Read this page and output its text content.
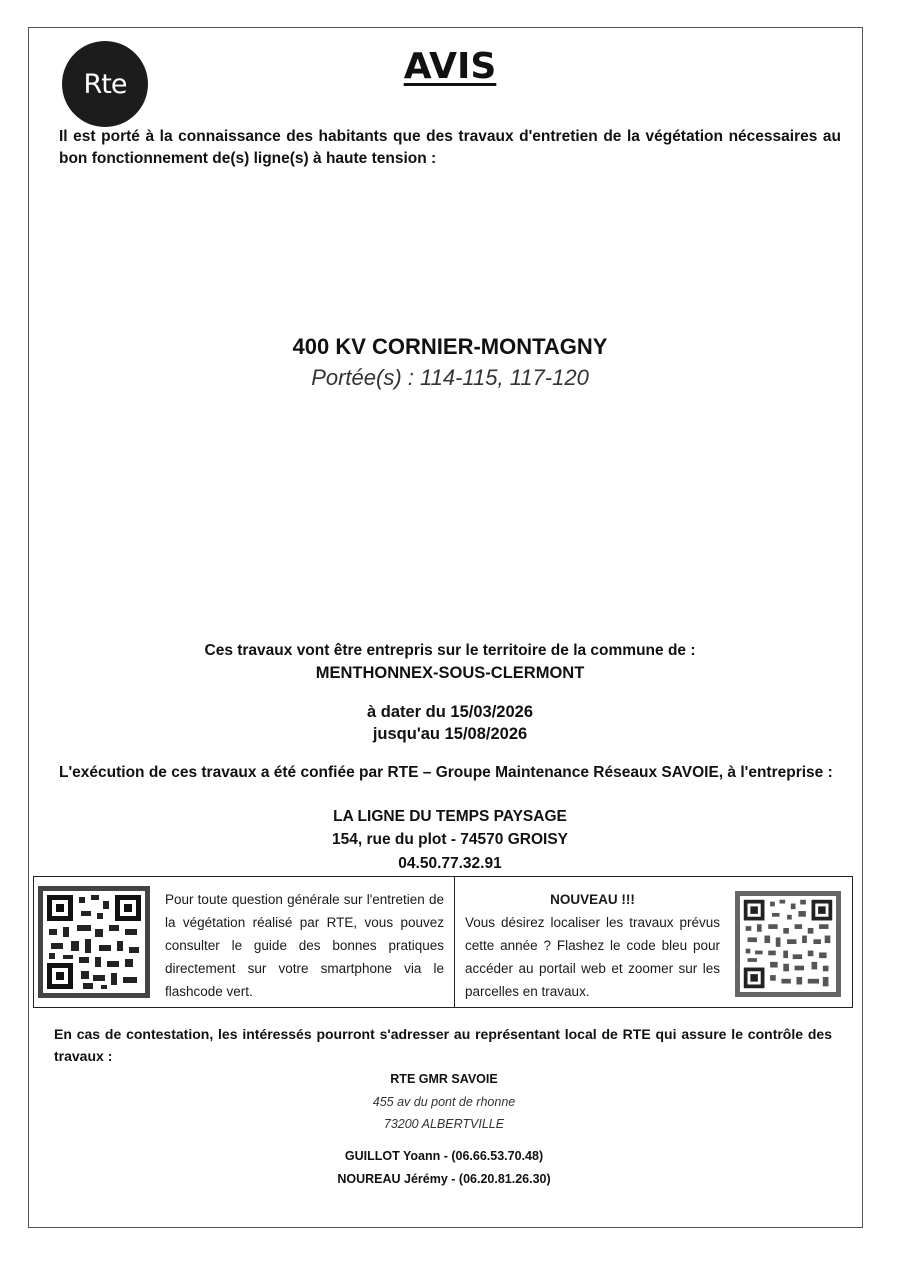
Rte	AVIS
Il est porté à la connaissance des habitants que des travaux d'entretien de la végétation nécessaires au bon fonctionnement de(s) ligne(s) à haute tension :
400 KV CORNIER-MONTAGNY
Portée(s) : 114-115, 117-120
Ces travaux vont être entrepris sur le territoire de la commune de :
MENTHONNEX-SOUS-CLERMONT
à dater du 15/03/2026
jusqu'au 15/08/2026
L'exécution de ces travaux a été confiée par RTE – Groupe Maintenance Réseaux SAVOIE, à l'entreprise :
LA LIGNE DU TEMPS PAYSAGE
154, rue du plot - 74570 GROISY
04.50.77.32.91
Pour toute question générale sur l'entretien de la végétation réalisé par RTE, vous pouvez consulter le guide des bonnes pratiques directement sur votre smartphone via le flashcode vert.
NOUVEAU !!!
Vous désirez localiser les travaux prévus cette année ? Flashez le code bleu pour accéder au portail web et zoomer sur les parcelles en travaux.
En cas de contestation, les intéressés pourront s'adresser au représentant local de RTE qui assure le contrôle des travaux :
RTE GMR SAVOIE
455 av du pont de rhonne
73200 ALBERTVILLE
GUILLOT Yoann - (06.66.53.70.48)
NOUREAU Jérémy - (06.20.81.26.30)
